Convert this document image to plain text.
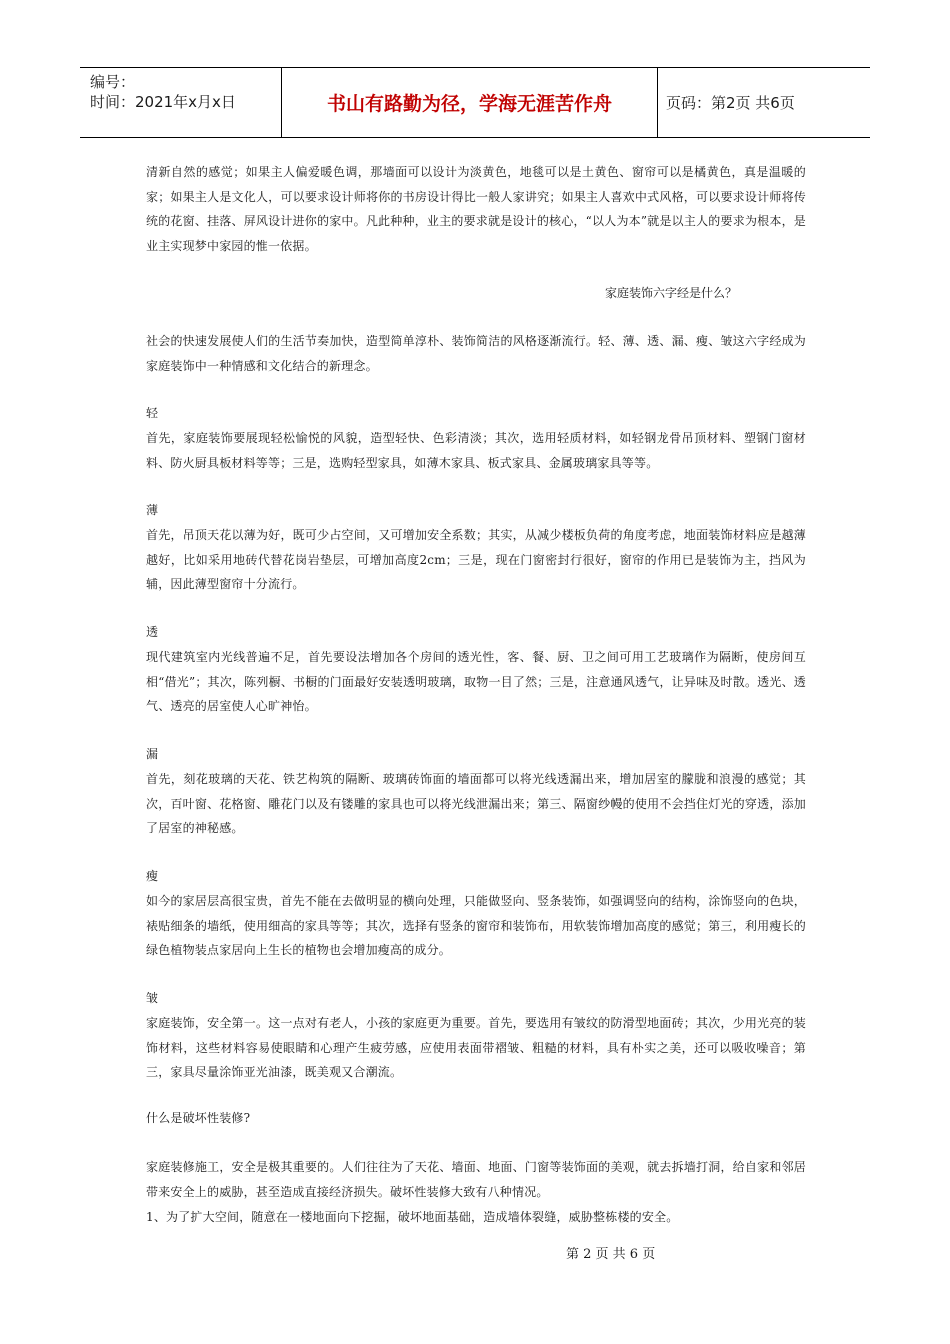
编号：
时间：2021年x月x日	书山有路勤为径，学海无涯苦作舟	页码：第2页 共6页

清新自然的感觉；如果主人偏爱暖色调，那墙面可以设计为淡黄色，地毯可以是土黄色、窗帘可以是橘黄色，真是温暖的家；如果主人是文化人，可以要求设计师将你的书房设计得比一般人家讲究；如果主人喜欢中式风格，可以要求设计师将传统的花窗、挂落、屏风设计进你的家中。凡此种种，业主的要求就是设计的核心，“以人为本”就是以主人的要求为根本，是业主实现梦中家园的惟一依据。

家庭装饰六字经是什么？

社会的快速发展使人们的生活节奏加快，造型简单淳朴、装饰简洁的风格逐渐流行。轻、薄、透、漏、瘦、皱这六字经成为家庭装饰中一种情感和文化结合的新理念。

轻

首先，家庭装饰要展现轻松愉悦的风貌，造型轻快、色彩清淡；其次，选用轻质材料，如轻钢龙骨吊顶材料、塑钢门窗材料、防火厨具板材料等等；三是，选购轻型家具，如薄木家具、板式家具、金属玻璃家具等等。

薄

首先，吊顶天花以薄为好，既可少占空间，又可增加安全系数；其实，从减少楼板负荷的角度考虑，地面装饰材料应是越薄越好，比如采用地砖代替花岗岩垫层，可增加高度2cm；三是，现在门窗密封行很好，窗帘的作用已是装饰为主，挡风为辅，因此薄型窗帘十分流行。

透

现代建筑室内光线普遍不足，首先要设法增加各个房间的透光性，客、餐、厨、卫之间可用工艺玻璃作为隔断，使房间互相“借光”；其次，陈列橱、书橱的门面最好安装透明玻璃，取物一目了然；三是，注意通风透气，让异味及时散。透光、透气、透亮的居室使人心旷神怡。

漏

首先，刻花玻璃的天花、铁艺构筑的隔断、玻璃砖饰面的墙面都可以将光线透漏出来，增加居室的朦胧和浪漫的感觉；其次，百叶窗、花格窗、雕花门以及有镂雕的家具也可以将光线泄漏出来；第三、隔窗纱幔的使用不会挡住灯光的穿透，添加了居室的神秘感。

瘦

如今的家居层高很宝贵，首先不能在去做明显的横向处理，只能做竖向、竖条装饰，如强调竖向的结构，涂饰竖向的色块，裱贴细条的墙纸，使用细高的家具等等；其次，选择有竖条的窗帘和装饰布，用软装饰增加高度的感觉；第三，利用瘦长的绿色植物装点家居向上生长的植物也会增加瘦高的成分。

皱

家庭装饰，安全第一。这一点对有老人，小孩的家庭更为重要。首先，要选用有皱纹的防滑型地面砖；其次，少用光亮的装饰材料，这些材料容易使眼睛和心理产生疲劳感，应使用表面带褶皱、粗糙的材料，具有朴实之美，还可以吸收噪音；第三，家具尽量涂饰亚光油漆，既美观又合潮流。

什么是破坏性装修?

家庭装修施工，安全是极其重要的。人们往往为了天花、墙面、地面、门窗等装饰面的美观，就去拆墙打洞，给自家和邻居带来安全上的威胁，甚至造成直接经济损失。破坏性装修大致有八种情况。

1、为了扩大空间，随意在一楼地面向下挖掘，破坏地面基础，造成墙体裂缝，威胁整栋楼的安全。

第 2 页 共 6 页
